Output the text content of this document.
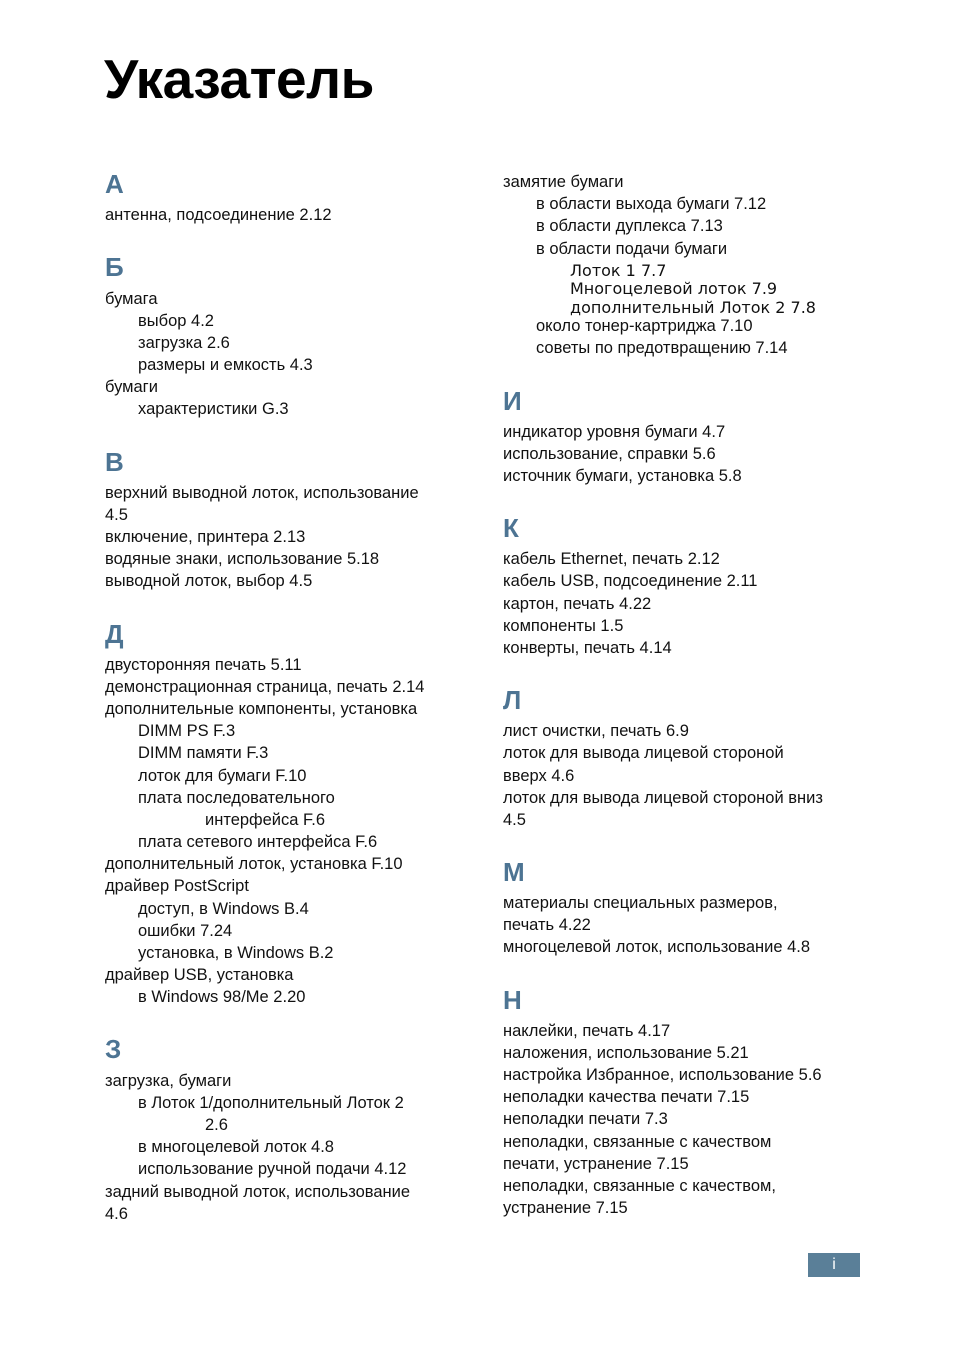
Указатель
А
антенна, подсоединение 2.12
Б
бумага
выбор 4.2
загрузка 2.6
размеры и емкость 4.3
бумаги
характеристики G.3
В
верхний выводной лоток, использование
4.5
включение, принтера 2.13
водяные знаки, использование 5.18
выводной лоток, выбор 4.5
Д
двусторонняя печать 5.11
демонстрационная страница, печать 2.14
дополнительные компоненты, установка
DIMM PS F.3
DIMM памяти F.3
лоток для бумаги F.10
плата последовательного
интерфейса F.6
плата сетевого интерфейса F.6
дополнительный лоток, установка F.10
драйвер PostScript
доступ, в Windows B.4
ошибки 7.24
установка, в Windows B.2
драйвер USB, установка
в Windows 98/Me 2.20
З
загрузка, бумаги
в Лоток 1/дополнительный Лоток 2
2.6
в многоцелевой лоток 4.8
использование ручной подачи 4.12
задний выводной лоток, использование
4.6
замятие бумаги
в области выхода бумаги 7.12
в области дуплекса 7.13
в области подачи бумаги
Лоток 1 7.7
Многоцелевой лоток 7.9
дополнительный Лоток 2 7.8
около тонер-картриджа 7.10
советы по предотвращению 7.14
И
индикатор уровня бумаги 4.7
использование, справки 5.6
источник бумаги, установка 5.8
К
кабель Ethernet, печать 2.12
кабель USB, подсоединение 2.11
картон, печать 4.22
компоненты 1.5
конверты, печать 4.14
Л
лист очистки, печать 6.9
лоток для вывода лицевой стороной
вверх 4.6
лоток для вывода лицевой стороной вниз
4.5
М
материалы специальных размеров,
печать 4.22
многоцелевой лоток, использование 4.8
Н
наклейки, печать 4.17
наложения, использование 5.21
настройка Избранное, использование 5.6
неполадки качества печати 7.15
неполадки печати 7.3
неполадки, связанные с качеством
печати, устранение 7.15
неполадки, связанные с качеством,
устранение 7.15
i
